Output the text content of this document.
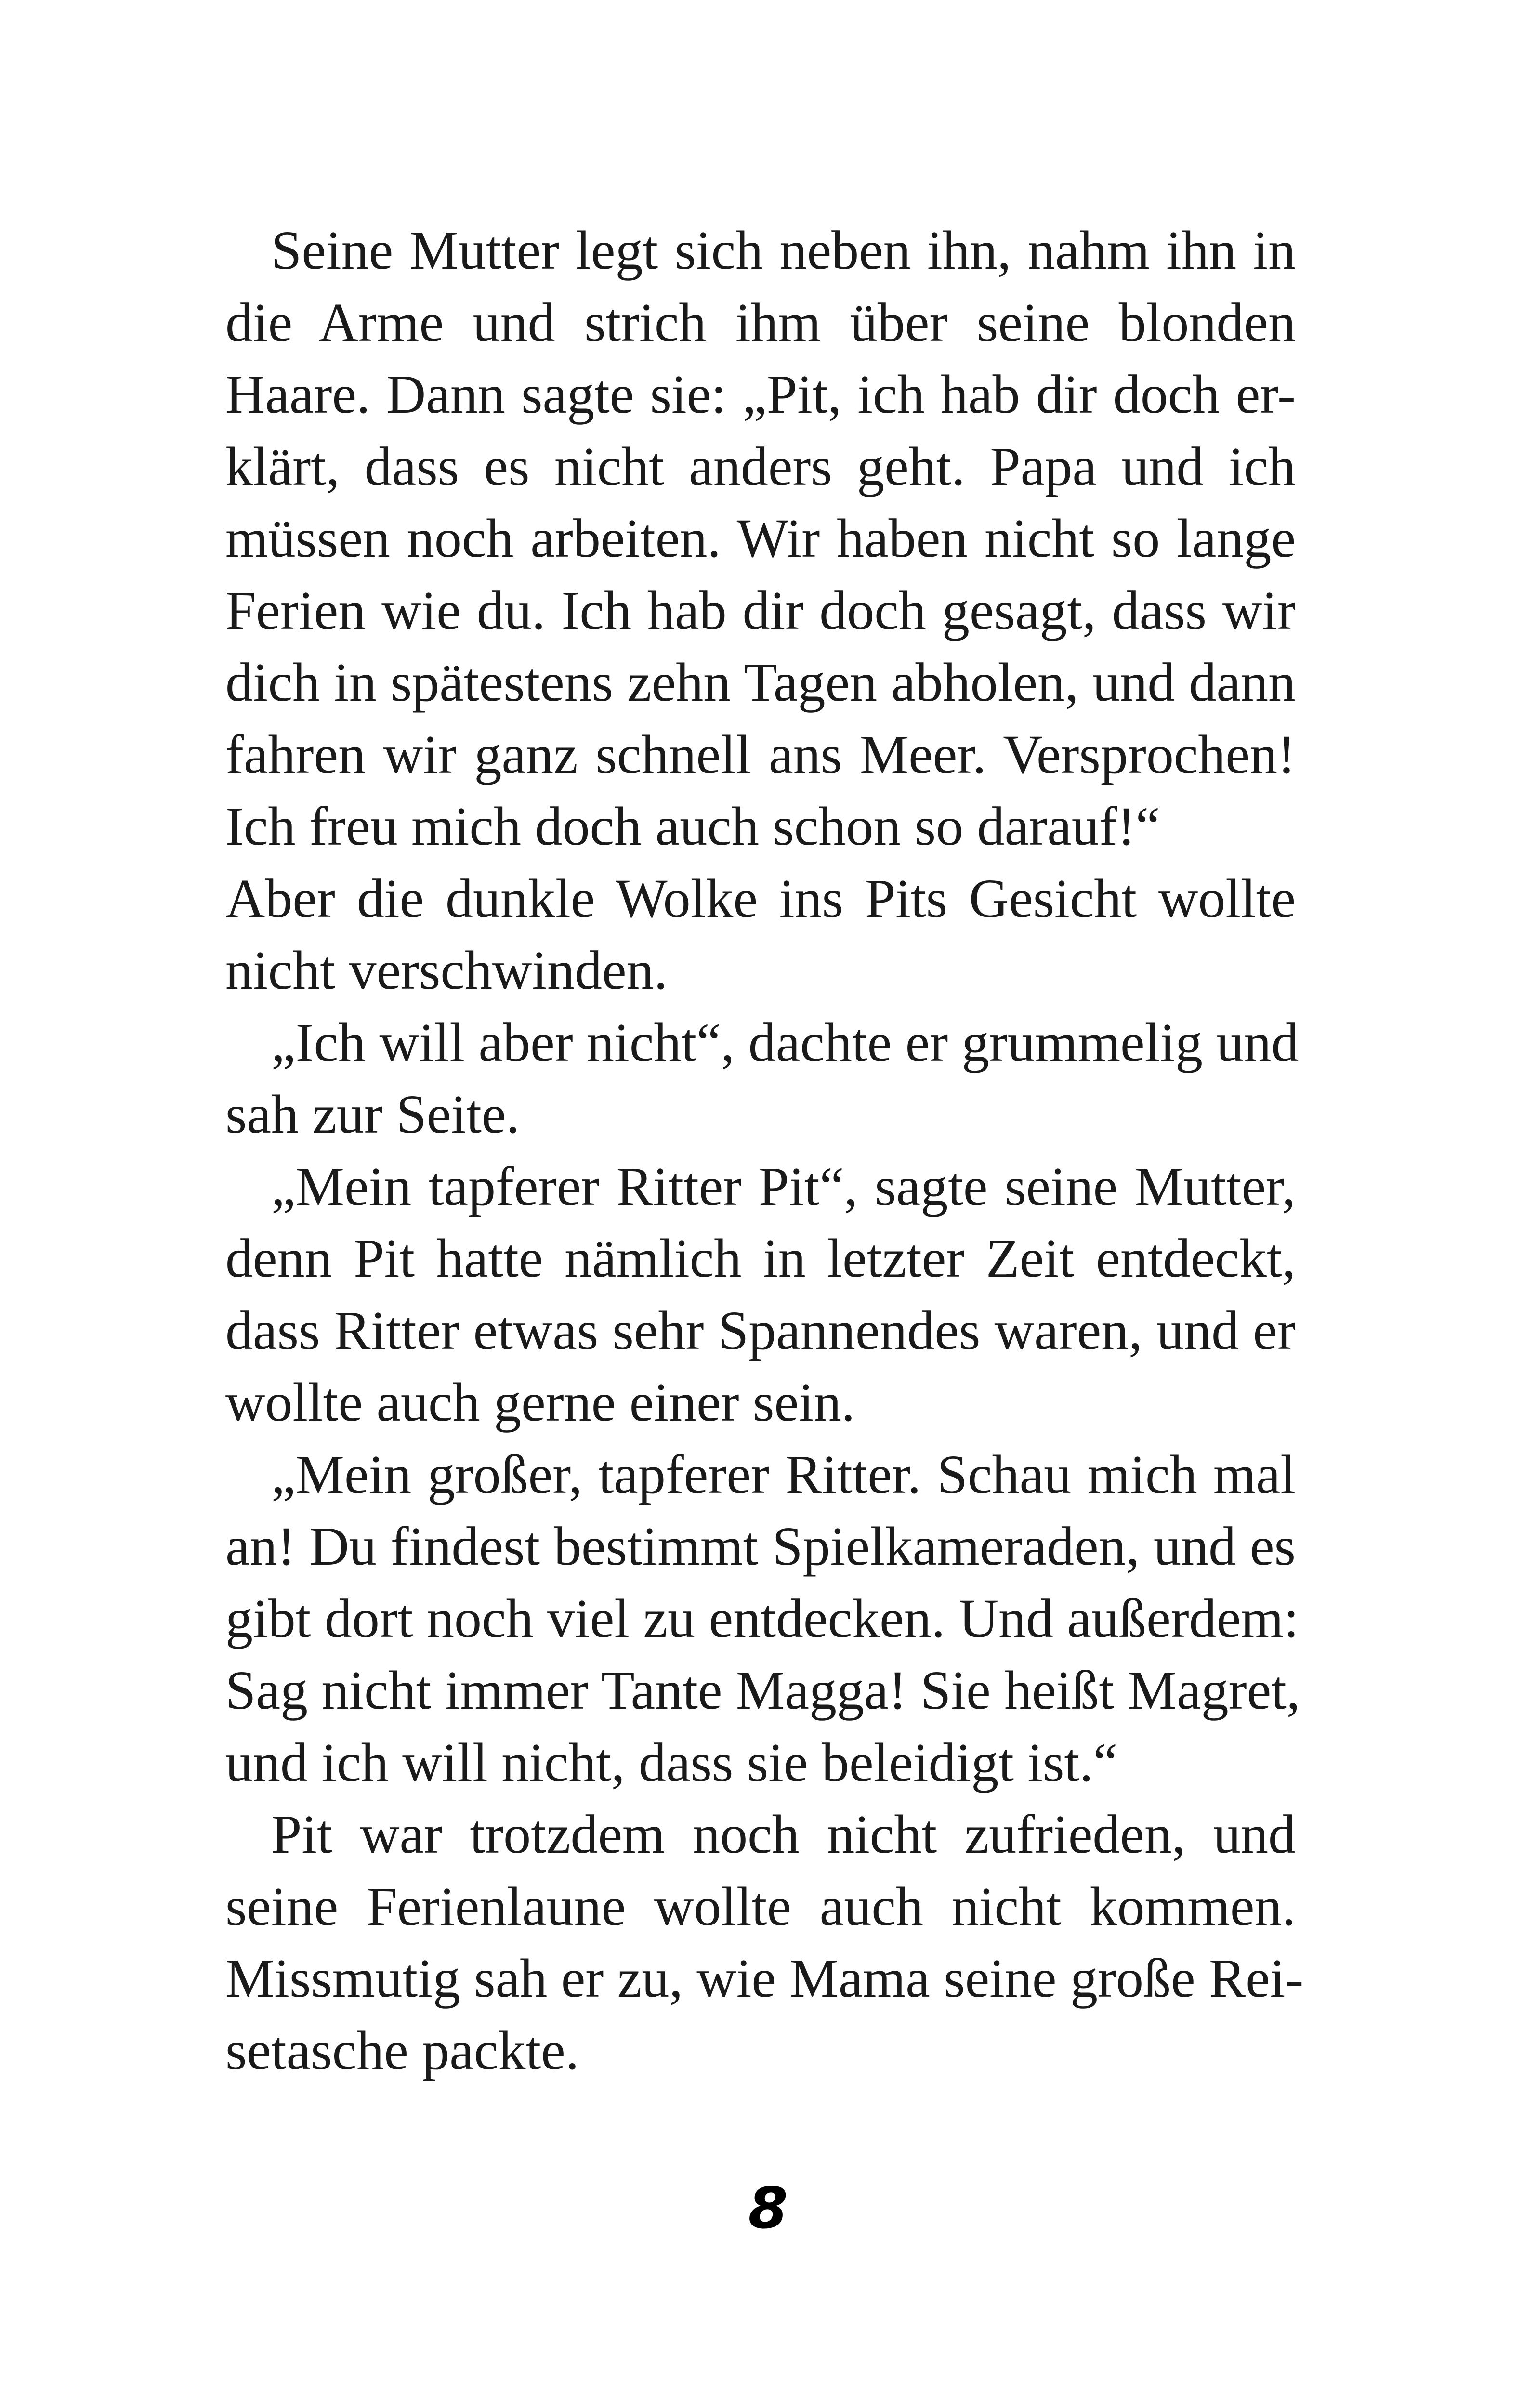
Seine Mutter legt sich neben ihn, nahm ihn in
die Arme und strich ihm über seine blonden
Haare. Dann sagte sie: „Pit, ich hab dir doch er-
klärt, dass es nicht anders geht. Papa und ich
müssen noch arbeiten. Wir haben nicht so lange
Ferien wie du. Ich hab dir doch gesagt, dass wir
dich in spätestens zehn Tagen abholen, und dann
fahren wir ganz schnell ans Meer. Versprochen!
Ich freu mich doch auch schon so darauf!“
Aber die dunkle Wolke ins Pits Gesicht wollte
nicht verschwinden.
„Ich will aber nicht“, dachte er grummelig und
sah zur Seite.
„Mein tapferer Ritter Pit“, sagte seine Mutter,
denn Pit hatte nämlich in letzter Zeit entdeckt,
dass Ritter etwas sehr Spannendes waren, und er
wollte auch gerne einer sein.
„Mein großer, tapferer Ritter. Schau mich mal
an! Du findest bestimmt Spielkameraden, und es
gibt dort noch viel zu entdecken. Und außerdem:
Sag nicht immer Tante Magga! Sie heißt Magret,
und ich will nicht, dass sie beleidigt ist.“
Pit war trotzdem noch nicht zufrieden, und
seine Ferienlaune wollte auch nicht kommen.
Missmutig sah er zu, wie Mama seine große Rei-
setasche packte.
8
